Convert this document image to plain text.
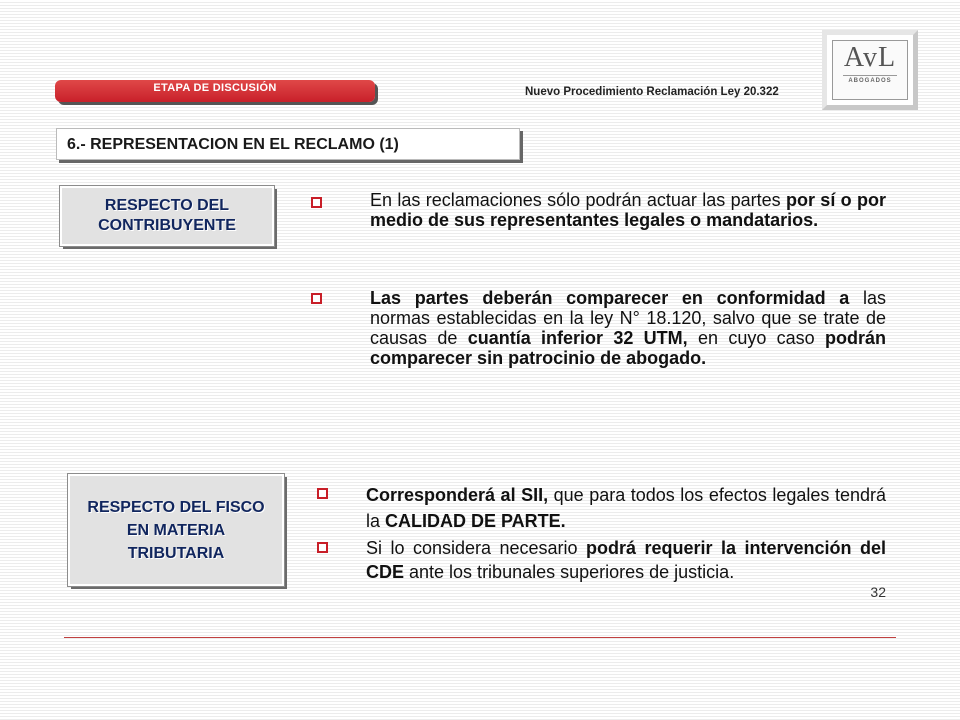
ETAPA DE DISCUSIÓN	Nuevo Procedimiento Reclamación Ley 20.322
AvL
ABOGADOS
6.- REPRESENTACION EN EL RECLAMO (1)
RESPECTO DEL CONTRIBUYENTE
En las reclamaciones sólo podrán actuar las partes por sí o por medio de sus representantes legales o mandatarios.
Las partes deberán comparecer en conformidad a las normas establecidas en la ley N° 18.120, salvo que se trate de causas de cuantía inferior 32 UTM, en cuyo caso podrán comparecer sin patrocinio de abogado.
RESPECTO DEL FISCO EN MATERIA TRIBUTARIA
Corresponderá al SII, que para todos los efectos legales tendrá la CALIDAD DE PARTE.
Si lo considera necesario podrá requerir la intervención del CDE ante los tribunales superiores de justicia.
32
